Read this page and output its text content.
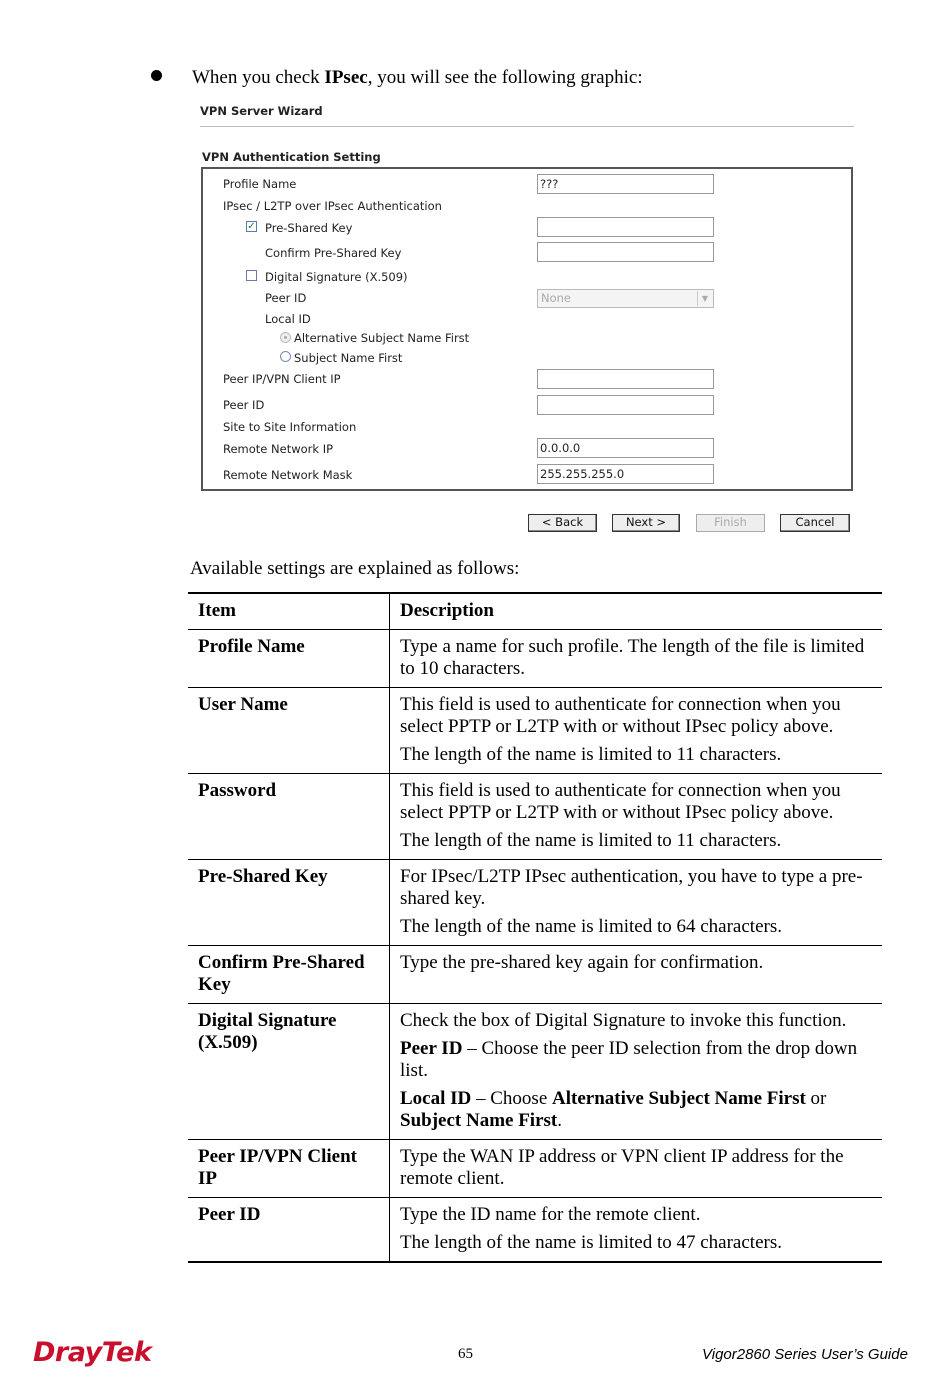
When you check IPsec, you will see the following graphic:
VPN Server Wizard
VPN Authentication Setting
Profile Name	???
IPsec / L2TP over IPsec Authentication
✓ Pre-Shared Key
Confirm Pre-Shared Key
Digital Signature (X.509)
Peer ID	None	▼
Local ID
Alternative Subject Name First
Subject Name First
Peer IP/VPN Client IP
Peer ID
Site to Site Information
Remote Network IP	0.0.0.0
Remote Network Mask	255.255.255.0
< Back	Next >	Finish	Cancel
Available settings are explained as follows:
Item	Description
Profile Name	Type a name for such profile. The length of the file is limited to 10 characters.

User Name	This field is used to authenticate for connection when you select PPTP or L2TP with or without IPsec policy above.

The length of the name is limited to 11 characters.

Password	This field is used to authenticate for connection when you select PPTP or L2TP with or without IPsec policy above.

The length of the name is limited to 11 characters.

Pre-Shared Key	For IPsec/L2TP IPsec authentication, you have to type a pre-shared key.

The length of the name is limited to 64 characters.

Confirm Pre-Shared Key	Type the pre-shared key again for confirmation.

Digital Signature (X.509)	Check the box of Digital Signature to invoke this function.

Peer ID – Choose the peer ID selection from the drop down list.

Local ID – Choose Alternative Subject Name First or Subject Name First.

Peer IP/VPN Client IP	Type the WAN IP address or VPN client IP address for the remote client.

Peer ID	Type the ID name for the remote client.

The length of the name is limited to 47 characters.

DrayTek	65	Vigor2860 Series User’s Guide
